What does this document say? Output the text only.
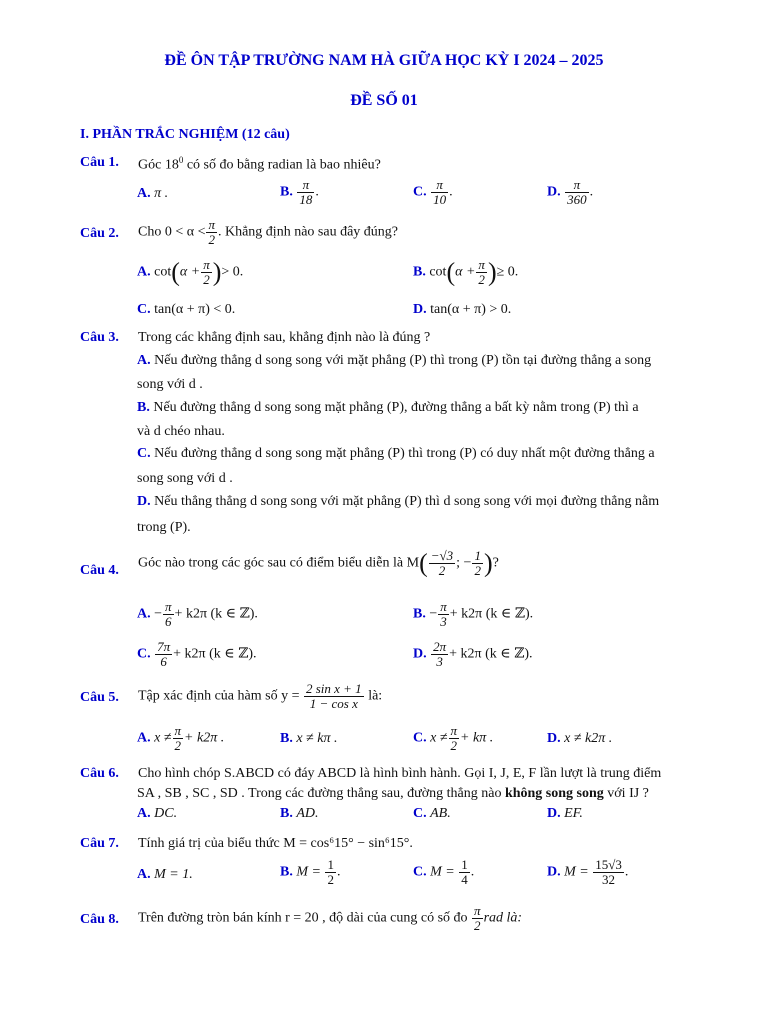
ĐỀ ÔN TẬP TRƯỜNG NAM HÀ GIỮA HỌC KỲ I 2024 – 2025
ĐỀ SỐ 01
I. PHẦN TRẮC NGHIỆM (12 câu)
Câu 1.	Góc $18^0$ có số đo bằng radian là bao nhiêu?
A. π .	B. $\frac{\pi}{18}$ .	C. $\frac{\pi}{10}$ .	D. $\frac{\pi}{360}$ .
Câu 2.	Cho $0 < \alpha < \frac{\pi}{2}$ . Khẳng định nào sau đây đúng?
A. $\cot(\alpha + \frac{\pi}{2}$ )> 0.	B. $\cot(\alpha + \frac{\pi}{2}$ )≥ 0.
C. tan(α + π) < 0.	D. tan(α + π) > 0.
Câu 3.	Trong các khẳng định sau, khẳng định nào là đúng ?
A. Nếu đường thẳng d song song với mặt phẳng (P) thì trong (P) tồn tại đường thẳng a song
song với d .
B. Nếu đường thẳng d song song mặt phẳng (P), đường thẳng a bất kỳ nằm trong (P) thì a
và d chéo nhau.
C. Nếu đường thẳng d song song mặt phẳng (P) thì trong (P) có duy nhất một đường thẳng a
song song với d .
D. Nếu thẳng thẳng d song song với mặt phẳng (P) thì d song song với mọi đường thẳng nằm
trong (P).
Câu 4.	Góc nào trong các góc sau có điểm biểu diễn là $M( \frac{-√3}{2}$ ; − $\frac{1}{2}$ )?
A. − $\frac{\pi}{6} + k2\pi$ (k ∈ ℤ).	B. − $\frac{\pi}{3} + k2\pi$ (k ∈ ℤ).
C. $\frac{7\pi}{6} + k2\pi$ (k ∈ ℤ).	D. $\frac{2\pi}{3} + k2\pi$ (k ∈ ℤ).
Câu 5.	Tập xác định của hàm số $y = \frac{\text{2 sin x + 1}}{\text{1 − cos x}}$ là:
A. $x \ne \frac{\pi}{2} + k2\pi$ .	B. x ≠ kπ .	C. $x \ne \frac{\pi}{2} + k\pi$ .	D. x ≠ k2π .
Câu 6.	Cho hình chóp S.ABCD có đáy ABCD là hình bình hành. Gọi I, J, E, F lần lượt là trung điểm
SA , SB , SC , SD . Trong các đường thẳng sau, đường thẳng nào không song song với IJ ?
A. DC.	B. AD.	C. AB.	D. EF.
Câu 7.	Tính giá trị của biểu thức M = cos⁶15° − sin⁶15°.
A. M = 1.	B. $M = \frac{1}{2}$ .	C. $M = \frac{1}{4}$ .	D. $M = \frac{15√3}{32}$ .
Câu 8.	Trên đường tròn bán kính r = 20 , độ dài của cung có số đo $\frac{\pi}{2}$ rad là:
